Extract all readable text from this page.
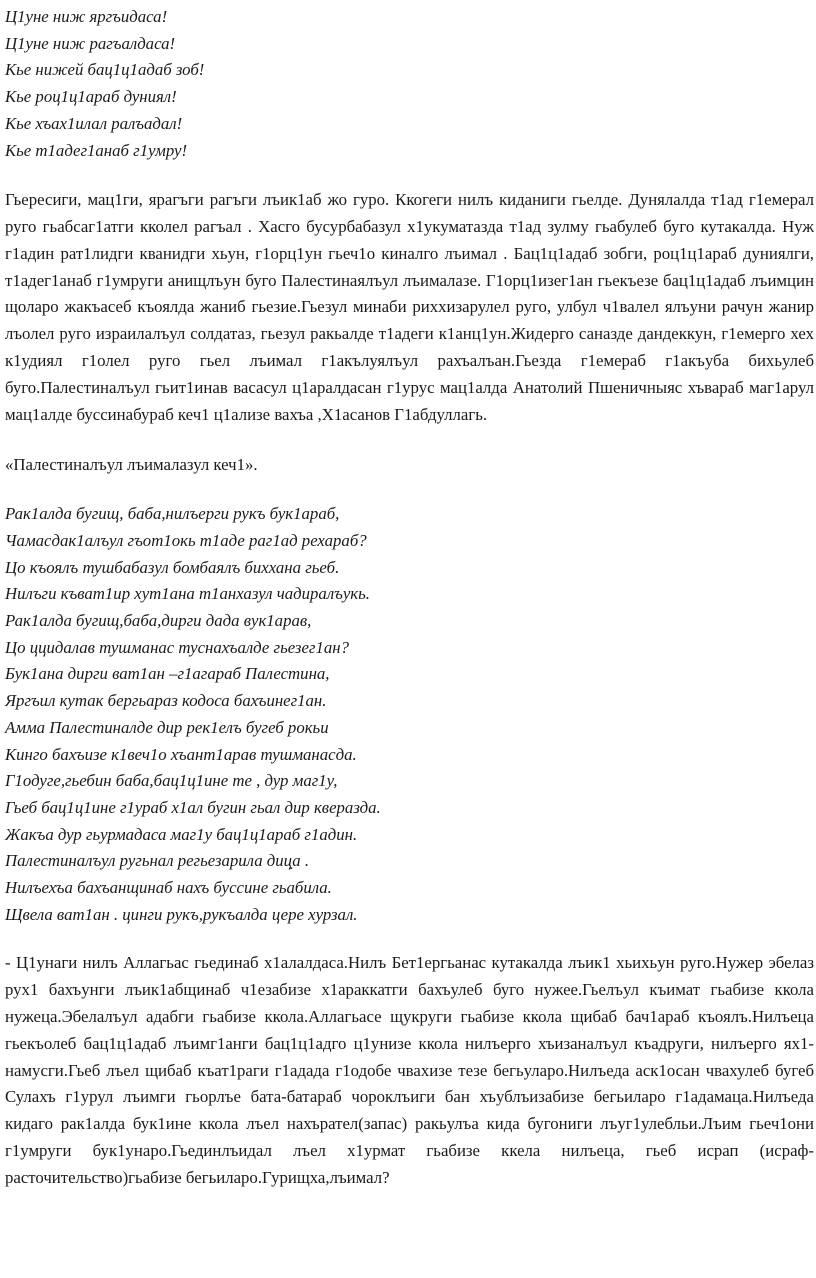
Ц1уне ниж яргъидаса!
Ц1уне ниж рагъалдаса!
Кье нижей бац1ц1адаб зоб!
Кье роц1ц1араб дуниял!
Кье хъах1илал ралъадал!
Кье т1адег1анаб г1умру!

Гьересиги, мац1ги, ярагъги рагъги лъик1аб жо гуро. Ккогеги нилъ киданиги гьелде. Дунялалда т1ад г1емерал руго гьабсаг1атги кколел рагъал . Хасго бусурбабазул х1укуматазда т1ад зулму гьабулеб буго кутакалда. Нуж г1адин рат1лидги кванидги хьун, г1орц1ун гьеч1о киналго лъимал . Бац1ц1адаб зобги, роц1ц1араб дуниялги, т1адег1анаб г1умруги анищлъун буго Палестинаялъул лъималазе. Г1орц1изег1ан гьекъезе бац1ц1адаб лъимцин щоларо жакъасеб къоялда жаниб гьезие.Гьезул минаби риххизарулел руго, улбул ч1валел ялъуни рачун жанир лъолел руго израилалъул солдатаз, гьезул ракьалде т1адеги к1анц1ун.Жидерго саназде дандеккун, г1емерго хех к1удиял г1олел руго гьел лъимал г1акълуялъул рахъалъан.Гьезда г1емераб г1акъуба бихьулеб буго.Палестиналъул гьит1инав васасул ц1аралдасан г1урус мац1алда Анатолий Пшеничныяс хъвараб маг1арул мац1алде буссинабураб кеч1 ц1ализе вахъа ,Х1асанов Г1абдуллагь.

«Палестиналъул лъималазул кеч1».

Рак1алда бугищ, баба,нилъерги рукъ бук1араб,
Чамасдак1алъул гъот1окь т1аде раг1ад рехараб?
Цо къоялъ тушбабазул бомбаялъ биххана гьеб.
Нилъги къват1ир хут1ана т1анхазул чадиралъукь.
Рак1алда бугищ,баба,дирги дада вук1арав,
Цо ццидалав тушманас туснахъалде гьезег1ан?
Бук1ана дирги ват1ан –г1агараб Палестина,
Яргъил кутак бергьараз кодоса бахъинег1ан.
Амма Палестиналде дир рек1елъ бугеб рокьи
Кинго бахъизе к1веч1о хъант1арав тушманасда.
Г1одуге,гьебин баба,бац1ц1ине те , дур маг1у,
Гьеб бац1ц1ине г1ураб х1ал бугин гьал дир кверазда.
Жакъа дур гьурмадаса маг1у бац1ц1араб г1адин.
Палестиналъул ругьнал регьезарила диц̣а .
Нилъехъа бахъанщинаб нахъ буссине гьабила.
Щвела ват1ан . цинги рукъ,рукъалда цере хурзал.

- Ц1унаги нилъ Аллагьас гьединаб х1алалдаса.Нилъ Бет1ергьанас кутакалда лъик1 хьихьун руго.Нужер эбелаз рух1 бахъунги лъик1абщинаб ч1езабизе х1араккатги бахъулеб буго нужее.Гьелъул къимат гьабизе ккола нужеца.Эбелалъул адабги гьабизе ккола.Аллагьасе щукруги гьабизе ккола щибаб бач1араб къоялъ.Нилъеца гьекъолеб бац1ц1адаб лъимг1анги бац1ц1адго ц1унизе ккола нилъерго хъизаналъул къадруги, нилъерго ях1-намусги.Гьеб лъел щибаб къат1раги г1адада г1одобе чвахизе тезе бегьуларо.Нилъеда аск1осан чвахулеб бугеб Сулахъ г1урул лъимги гьорлъе бата-батараб чороклъиги бан хъублъизабизе бегьиларо г1адамаца.Нилъеда кидаго рак1алда бук1ине ккола лъел нахърател(запас) ракьулъа кида бугониги лъуг1улебльи.Лъим гьеч1они г1умруги бук1унаро.Гьединлъидал лъел х1урмат гьабизе ккела нилъеца, гьеб исрап (исраф-расточительство)гьабизе бегьиларо.Гурищха,лъимал?
